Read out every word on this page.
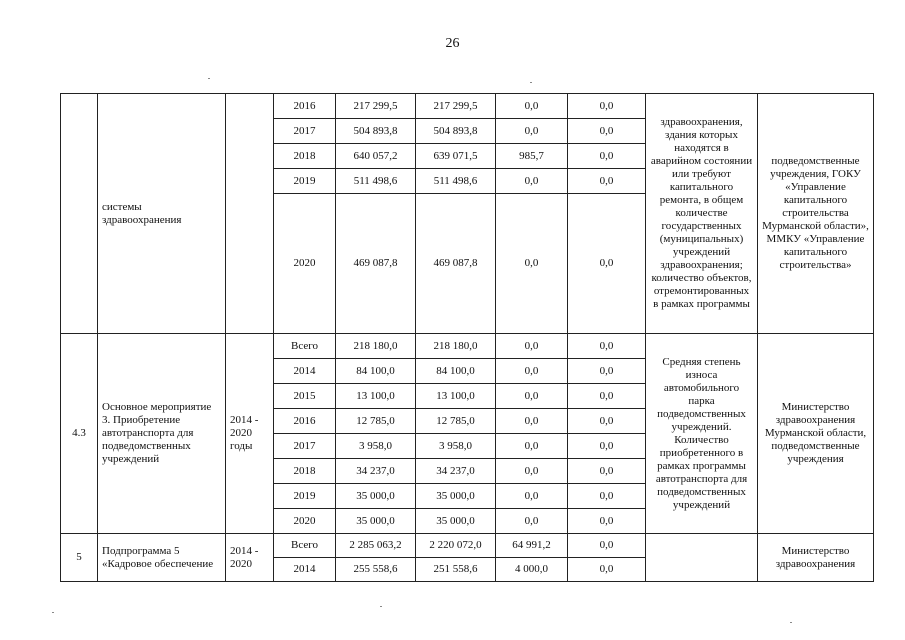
26
	системы здравоохранения		2016	217 299,5	217 299,5	0,0	0,0	здравоохранения, здания которых находятся в аварийном состоянии или требуют капитального ремонта, в общем количестве государственных (муниципальных) учреждений здравоохранения; количество объектов, отремонтированных в рамках программы	подведомственные учреждения, ГОКУ «Управление капитального строительства Мурманской области», ММКУ «Управление капитального строительства»
			2017	504 893,8	504 893,8	0,0	0,0		
			2018	640 057,2	639 071,5	985,7	0,0		
			2019	511 498,6	511 498,6	0,0	0,0		
			2020	469 087,8	469 087,8	0,0	0,0		
4.3	Основное мероприятие 3. Приобретение автотранспорта для подведомственных учреждений	2014 - 2020 годы	Всего	218 180,0	218 180,0	0,0	0,0	Средняя степень износа автомобильного парка подведомственных учреждений. Количество приобретенного в рамках программы автотранспорта для подведомственных учреждений	Министерство здравоохранения Мурманской области, подведомственные учреждения
			2014	84 100,0	84 100,0	0,0	0,0		
			2015	13 100,0	13 100,0	0,0	0,0		
			2016	12 785,0	12 785,0	0,0	0,0		
			2017	3 958,0	3 958,0	0,0	0,0		
			2018	34 237,0	34 237,0	0,0	0,0		
			2019	35 000,0	35 000,0	0,0	0,0		
			2020	35 000,0	35 000,0	0,0	0,0		
5	Подпрограмма 5 «Кадровое обеспечение	2014 - 2020	Всего	2 285 063,2	2 220 072,0	64 991,2	0,0		Министерство здравоохранения
			2014	255 558,6	251 558,6	4 000,0	0,0		
